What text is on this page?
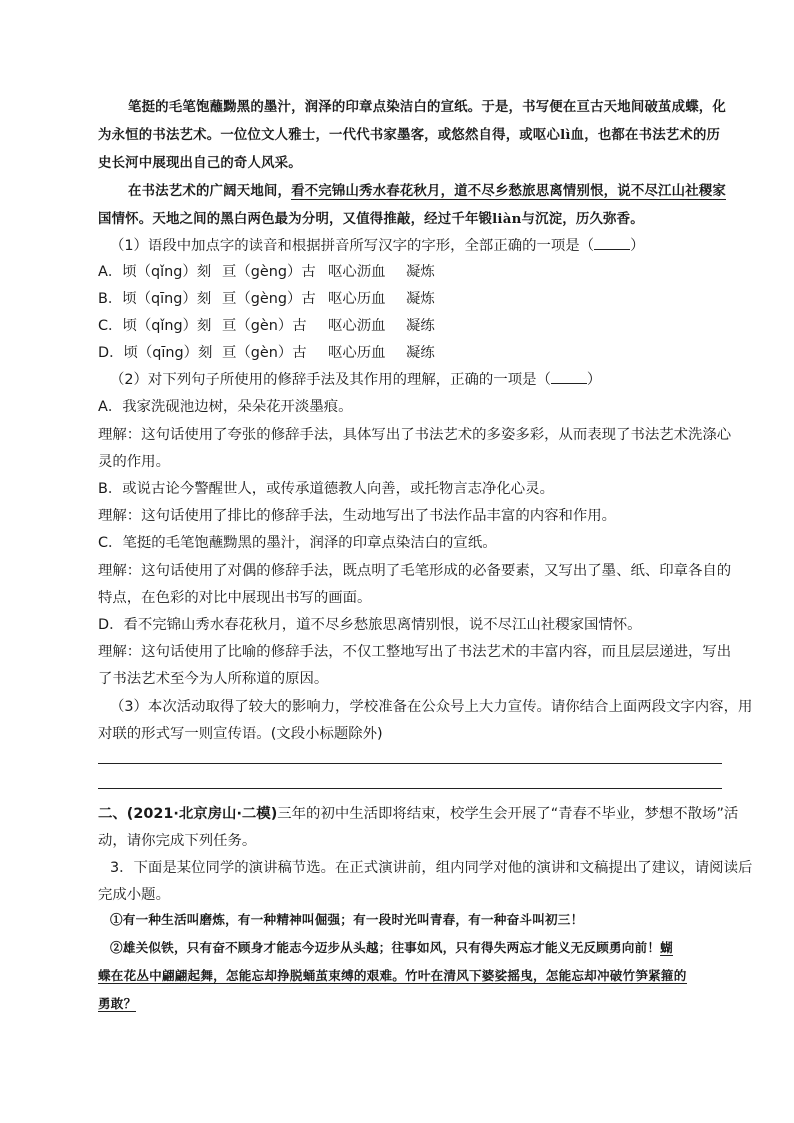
笔挺的毛笔饱蘸黝黑的墨汁，润泽的印章点染洁白的宣纸。于是，书写便在亘古天地间破茧成蝶，化
为永恒的书法艺术。一位位文人雅士，一代代书家墨客，或悠然自得，或呕心lì血，也都在书法艺术的历
史长河中展现出自己的奇人风采。
在书法艺术的广阔天地间，看不完锦山秀水春花秋月，道不尽乡愁旅思离情别恨，说不尽江山社稷家
国情怀。天地之间的黑白两色最为分明，又值得推敲，经过千年锻liàn与沉淀，历久弥香。
（1）语段中加点字的读音和根据拼音所写汉字的字形，全部正确的一项是（	）
A．顷（qǐng）刻 亘（gèng）古 呕心沥血 凝炼
B．顷（qīng）刻 亘（gèng）古 呕心历血 凝炼
C．顷（qǐng）刻 亘（gèn）古 呕心沥血 凝练
D．顷（qīng）刻 亘（gèn）古 呕心历血 凝练
（2）对下列句子所使用的修辞手法及其作用的理解，正确的一项是（	）
A．我家洗砚池边树，朵朵花开淡墨痕。
理解：这句话使用了夸张的修辞手法，具体写出了书法艺术的多姿多彩，从而表现了书法艺术洗涤心
灵的作用。
B．或说古论今警醒世人，或传承道德教人向善，或托物言志净化心灵。
理解：这句话使用了排比的修辞手法，生动地写出了书法作品丰富的内容和作用。
C．笔挺的毛笔饱蘸黝黑的墨汁，润泽的印章点染洁白的宣纸。
理解：这句话使用了对偶的修辞手法，既点明了毛笔形成的必备要素，又写出了墨、纸、印章各自的
特点，在色彩的对比中展现出书写的画面。
D．看不完锦山秀水春花秋月，道不尽乡愁旅思离情别恨，说不尽江山社稷家国情怀。
理解：这句话使用了比喻的修辞手法，不仅工整地写出了书法艺术的丰富内容，而且层层递进，写出
了书法艺术至今为人所称道的原因。
（3）本次活动取得了较大的影响力，学校准备在公众号上大力宣传。请你结合上面两段文字内容，用
对联的形式写一则宣传语。(文段小标题除外)
二、(2021·北京房山·二模)三年的初中生活即将结束，校学生会开展了“青春不毕业，梦想不散场”活
动，请你完成下列任务。
3．下面是某位同学的演讲稿节选。在正式演讲前，组内同学对他的演讲和文稿提出了建议，请阅读后
完成小题。
①有一种生活叫磨炼，有一种精神叫倔强；有一段时光叫青春，有一种奋斗叫初三！
②雄关似铁，只有奋不顾身才能志今迈步从头越；往事如风，只有得失两忘才能义无反顾勇向前！蝴
蝶在花丛中翩翩起舞，怎能忘却挣脱蛹茧束缚的艰难。竹叶在清风下婆娑摇曳，怎能忘却冲破竹笋紧箍的
勇敢？
